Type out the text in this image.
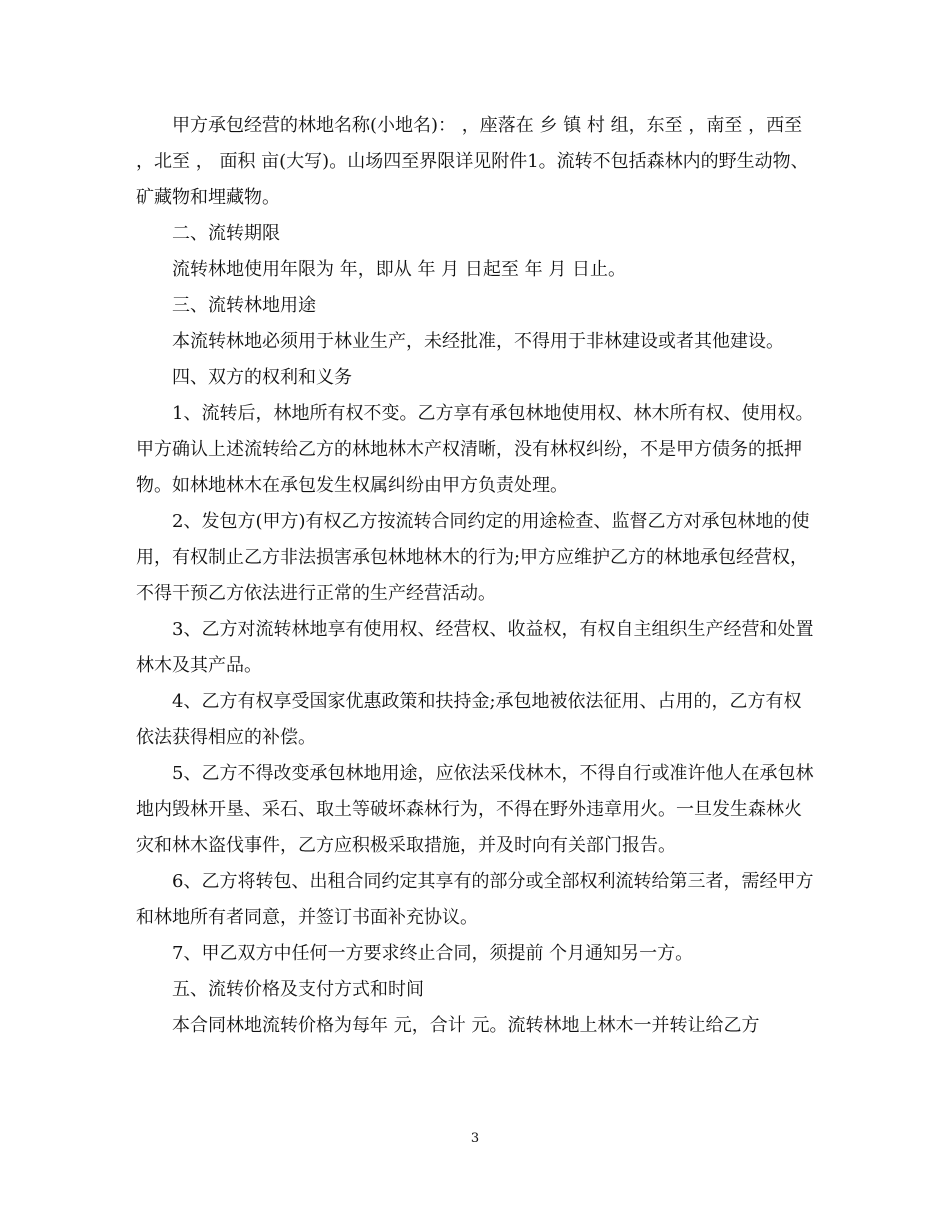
甲方承包经营的林地名称(小地名)： ，座落在 乡 镇 村 组，东至 ，南至 ，西至 ，北至 ， 面积 亩(大写)。山场四至界限详见附件1。流转不包括森林内的野生动物、矿藏物和埋藏物。

二、流转期限

流转林地使用年限为 年，即从 年 月 日起至 年 月 日止。

三、流转林地用途

本流转林地必须用于林业生产，未经批准，不得用于非林建设或者其他建设。

四、双方的权利和义务

1、流转后，林地所有权不变。乙方享有承包林地使用权、林木所有权、使用权。甲方确认上述流转给乙方的林地林木产权清晰，没有林权纠纷，不是甲方债务的抵押物。如林地林木在承包发生权属纠纷由甲方负责处理。

2、发包方(甲方)有权乙方按流转合同约定的用途检查、监督乙方对承包林地的使用，有权制止乙方非法损害承包林地林木的行为;甲方应维护乙方的林地承包经营权，不得干预乙方依法进行正常的生产经营活动。

3、乙方对流转林地享有使用权、经营权、收益权，有权自主组织生产经营和处置林木及其产品。

4、乙方有权享受国家优惠政策和扶持金;承包地被依法征用、占用的，乙方有权依法获得相应的补偿。

5、乙方不得改变承包林地用途，应依法采伐林木，不得自行或准许他人在承包林地内毁林开垦、采石、取土等破坏森林行为，不得在野外违章用火。一旦发生森林火灾和林木盗伐事件，乙方应积极采取措施，并及时向有关部门报告。

6、乙方将转包、出租合同约定其享有的部分或全部权利流转给第三者，需经甲方和林地所有者同意，并签订书面补充协议。

7、甲乙双方中任何一方要求终止合同，须提前 个月通知另一方。

五、流转价格及支付方式和时间

本合同林地流转价格为每年 元，合计 元。流转林地上林木一并转让给乙方

3
